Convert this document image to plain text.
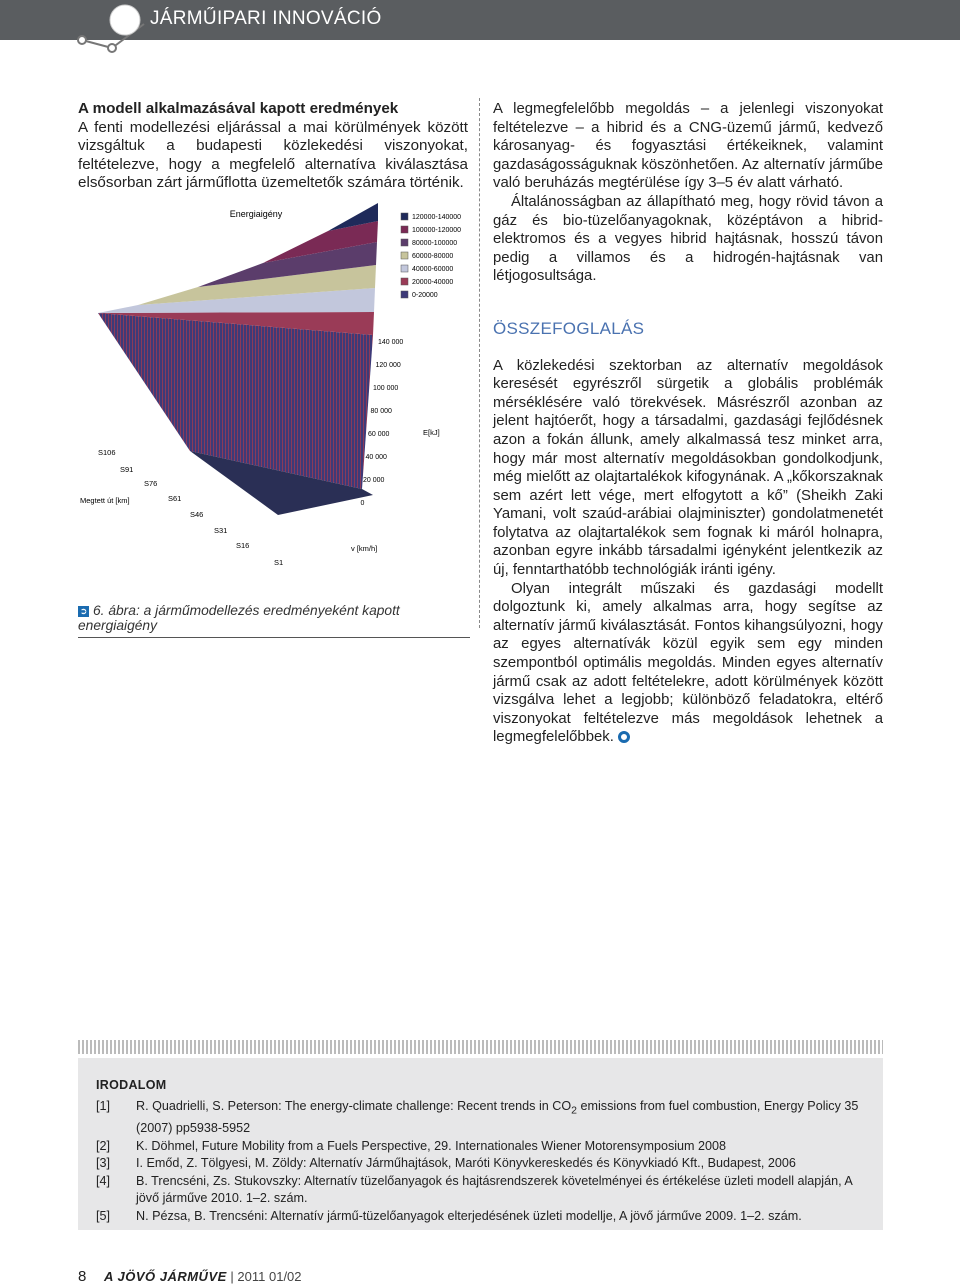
JÁRMŰIPARI INNOVÁCIÓ
A modell alkalmazásával kapott eredmények

A fenti modellezési eljárással a mai körülmények között vizsgáltuk a budapesti közlekedési viszonyokat, feltételezve, hogy a megfelelő alternatíva kiválasztása elsősorban zárt járműflotta üzemeltetők számára történik.

Energiaigény	120000-140000
100000-120000
80000-100000
60000-80000
40000-60000
20000-40000
0-20000
140 000
120 000
100 000
80 000
60 000
40 000
20 000
0
E[kJ]
S106
S91
S76
S61
S46
S31
S16
S1
Megtett út [km]
v [km/h]
➲ 6. ábra: a járműmodellezés eredményeként kapott energiaigény

A legmegfelelőbb megoldás – a jelenlegi viszonyokat feltételezve – a hibrid és a CNG-üzemű jármű, kedvező károsanyag- és fogyasztási értékeiknek, valamint gazdaságosságuknak köszönhetően. Az alternatív járműbe való beruházás megtérülése így 3–5 év alatt várható.

Általánosságban az állapítható meg, hogy rövid távon a gáz és bio-tüzelőanyagoknak, középtávon a hibrid-elektromos és a vegyes hibrid hajtásnak, hosszú távon pedig a villamos és a hidrogén-hajtásnak van létjogosultsága.

ÖSSZEFOGLALÁS

A közlekedési szektorban az alternatív megoldások keresését egyrészről sürgetik a globális problémák mérséklésére való törekvések. Másrészről azonban az jelent hajtóerőt, hogy a társadalmi, gazdasági fejlődésnek azon a fokán állunk, amely alkalmassá tesz minket arra, hogy már most alternatív megoldásokban gondolkodjunk, még mielőtt az olajtartalékok kifogynának. A „kőkorszaknak sem azért lett vége, mert elfogytott a kő” (Sheikh Zaki Yamani, volt szaúd-arábiai olajminiszter) gondolatmenetét folytatva az olajtartalékok sem fognak ki máról holnapra, azonban egyre inkább társadalmi igényként jelentkezik az új, fenntarthatóbb technológiák iránti igény.

Olyan integrált műszaki és gazdasági modellt dolgoztunk ki, amely alkalmas arra, hogy segítse az alternatív jármű kiválasztását. Fontos kihangsúlyozni, hogy az egyes alternatívák közül egyik sem egy minden szempontból optimális megoldás. Minden egyes alternatív jármű csak az adott feltételekre, adott körülmények között vizsgálva lehet a legjobb; különböző feladatokra, eltérő viszonyokat feltételezve más megoldások lehetnek a legmegfelelőbbek.

IRODALOM
[1] R. Quadrielli, S. Peterson: The energy-climate challenge: Recent trends in $CO_2$ emissions from fuel combustion, Energy Policy 35 (2007) pp5938-5952
[2] K. Döhmel, Future Mobility from a Fuels Perspective, 29. Internationales Wiener Motorensymposium 2008
[3] I. Emőd, Z. Tölgyesi, M. Zöldy: Alternatív Járműhajtások, Maróti Könyvkereskedés és Könyvkiadó Kft., Budapest, 2006
[4] B. Trencséni, Zs. Stukovszky: Alternatív tüzelőanyagok és hajtásrendszerek követelményei és értékelése üzleti modell alapján, A jövő járműve 2010. 1–2. szám.
[5] N. Pézsa, B. Trencséni: Alternatív jármű-tüzelőanyagok elterjedésének üzleti modellje, A jövő járműve 2009. 1–2. szám.
8 A JÖVŐ JÁRMŰVE | 2011 01/02
